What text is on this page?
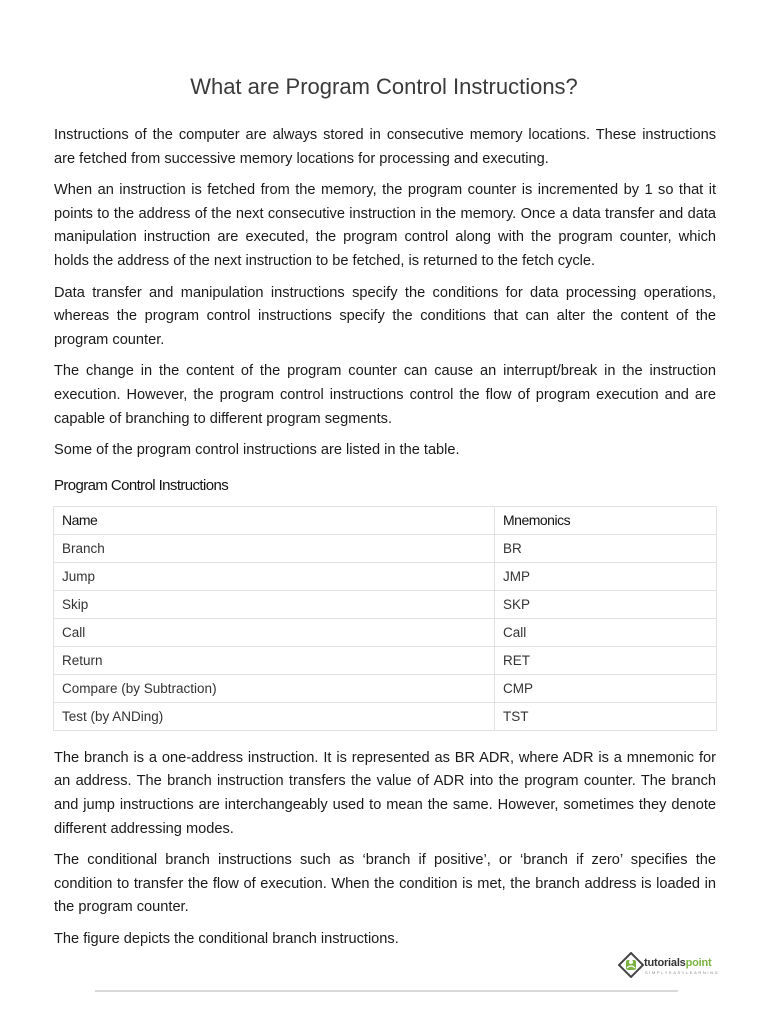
What are Program Control Instructions?

Instructions of the computer are always stored in consecutive memory locations. These instructions are fetched from successive memory locations for processing and executing.

When an instruction is fetched from the memory, the program counter is incremented by 1 so that it points to the address of the next consecutive instruction in the memory. Once a data transfer and data manipulation instruction are executed, the program control along with the program counter, which holds the address of the next instruction to be fetched, is returned to the fetch cycle.

Data transfer and manipulation instructions specify the conditions for data processing operations, whereas the program control instructions specify the conditions that can alter the content of the program counter.

The change in the content of the program counter can cause an interrupt/break in the instruction execution. However, the program control instructions control the flow of program execution and are capable of branching to different program segments.

Some of the program control instructions are listed in the table.

Program Control Instructions
Name	Mnemonics
Branch	BR
Jump	JMP
Skip	SKP
Call	Call
Return	RET
Compare (by Subtraction)	CMP
Test (by ANDing)	TST

The branch is a one-address instruction. It is represented as BR ADR, where ADR is a mnemonic for an address. The branch instruction transfers the value of ADR into the program counter. The branch and jump instructions are interchangeably used to mean the same. However, sometimes they denote different addressing modes.

The conditional branch instructions such as ‘branch if positive’, or ‘branch if zero’ specifies the condition to transfer the flow of execution. When the condition is met, the branch address is loaded in the program counter.

The figure depicts the conditional branch instructions.

tutorialspoint
SIMPLYEASYLEARNING
